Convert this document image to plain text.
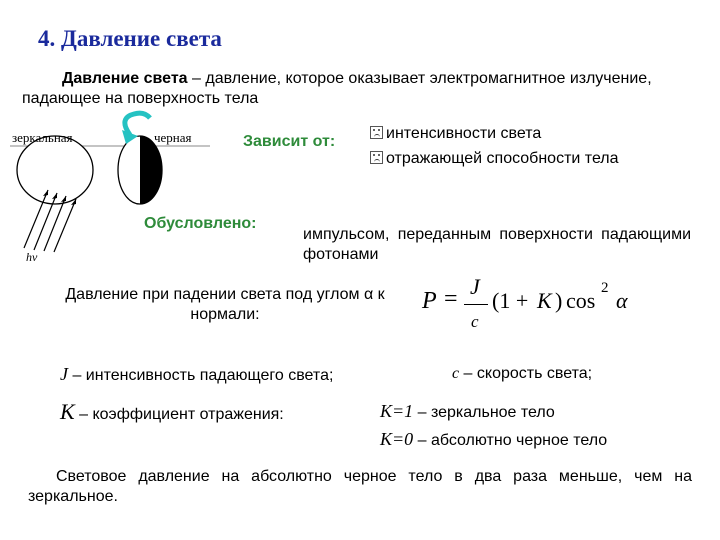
4. Давление света
Давление света – давление, которое оказывает электромагнитное излучение, падающее на поверхность тела
зеркальная	черная
hν
Зависит от:	интенсивности света
отражающей способности тела
Обусловлено:
импульсом, переданным поверхности падающими фотонами
Давление при падении света под углом α к нормали:
P = J
c
(1 + K ) cos 2 α
J – интенсивность падающего света;	c – скорость света;
K – коэффициент отражения:	K=1 – зеркальное тело
K=0 – абсолютно черное тело
Световое давление на абсолютно черное тело в два раза меньше, чем на зеркальное.
